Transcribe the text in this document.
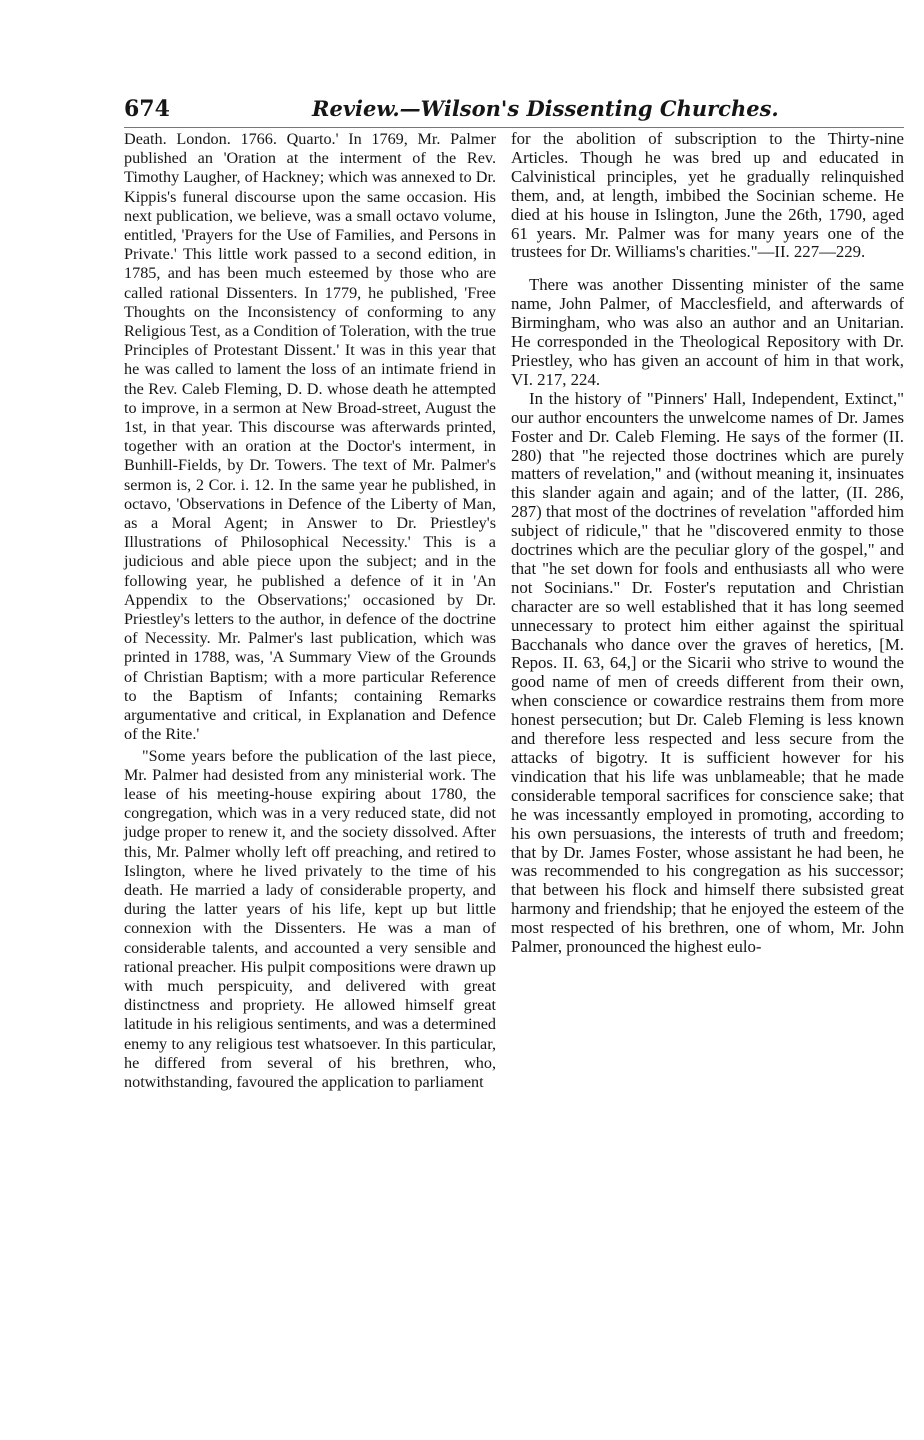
674	Review.—Wilson's Dissenting Churches.

Death. London. 1766. Quarto.' In 1769, Mr. Palmer published an 'Oration at the interment of the Rev. Timothy Laugher, of Hackney; which was annexed to Dr. Kippis's funeral discourse upon the same occasion. His next publication, we believe, was a small octavo volume, entitled, 'Prayers for the Use of Families, and Persons in Private.' This little work passed to a second edition, in 1785, and has been much esteemed by those who are called rational Dissenters. In 1779, he published, 'Free Thoughts on the Inconsistency of conforming to any Religious Test, as a Condition of Toleration, with the true Principles of Protestant Dissent.' It was in this year that he was called to lament the loss of an intimate friend in the Rev. Caleb Fleming, D. D. whose death he attempted to improve, in a sermon at New Broad-street, August the 1st, in that year. This discourse was afterwards printed, together with an oration at the Doctor's interment, in Bunhill-Fields, by Dr. Towers. The text of Mr. Palmer's sermon is, 2 Cor. i. 12. In the same year he published, in octavo, 'Observations in Defence of the Liberty of Man, as a Moral Agent; in Answer to Dr. Priestley's Illustrations of Philosophical Necessity.' This is a judicious and able piece upon the subject; and in the following year, he published a defence of it in 'An Appendix to the Observations;' occasioned by Dr. Priestley's letters to the author, in defence of the doctrine of Necessity. Mr. Palmer's last publication, which was printed in 1788, was, 'A Summary View of the Grounds of Christian Baptism; with a more particular Reference to the Baptism of Infants; containing Remarks argumentative and critical, in Explanation and Defence of the Rite.'

"Some years before the publication of the last piece, Mr. Palmer had desisted from any ministerial work. The lease of his meeting-house expiring about 1780, the congregation, which was in a very reduced state, did not judge proper to renew it, and the society dissolved. After this, Mr. Palmer wholly left off preaching, and retired to Islington, where he lived privately to the time of his death. He married a lady of considerable property, and during the latter years of his life, kept up but little connexion with the Dissenters. He was a man of considerable talents, and accounted a very sensible and rational preacher. His pulpit compositions were drawn up with much perspicuity, and delivered with great distinctness and propriety. He allowed himself great latitude in his religious sentiments, and was a determined enemy to any religious test whatsoever. In this particular, he differed from several of his brethren, who, notwithstanding, favoured the application to parliament

for the abolition of subscription to the Thirty-nine Articles. Though he was bred up and educated in Calvinistical principles, yet he gradually relinquished them, and, at length, imbibed the Socinian scheme. He died at his house in Islington, June the 26th, 1790, aged 61 years. Mr. Palmer was for many years one of the trustees for Dr. Williams's charities."—II. 227—229.

There was another Dissenting minister of the same name, John Palmer, of Macclesfield, and afterwards of Birmingham, who was also an author and an Unitarian. He corresponded in the Theological Repository with Dr. Priestley, who has given an account of him in that work, VI. 217, 224.

In the history of "Pinners' Hall, Independent, Extinct," our author encounters the unwelcome names of Dr. James Foster and Dr. Caleb Fleming. He says of the former (II. 280) that "he rejected those doctrines which are purely matters of revelation," and (without meaning it, insinuates this slander again and again; and of the latter, (II. 286, 287) that most of the doctrines of revelation "afforded him subject of ridicule," that he "discovered enmity to those doctrines which are the peculiar glory of the gospel," and that "he set down for fools and enthusiasts all who were not Socinians." Dr. Foster's reputation and Christian character are so well established that it has long seemed unnecessary to protect him either against the spiritual Bacchanals who dance over the graves of heretics, [M. Repos. II. 63, 64,] or the Sicarii who strive to wound the good name of men of creeds different from their own, when conscience or cowardice restrains them from more honest persecution; but Dr. Caleb Fleming is less known and therefore less respected and less secure from the attacks of bigotry. It is sufficient however for his vindication that his life was unblameable; that he made considerable temporal sacrifices for conscience sake; that he was incessantly employed in promoting, according to his own persuasions, the interests of truth and freedom; that by Dr. James Foster, whose assistant he had been, he was recommended to his congregation as his successor; that between his flock and himself there subsisted great harmony and friendship; that he enjoyed the esteem of the most respected of his brethren, one of whom, Mr. John Palmer, pronounced the highest eulo-
